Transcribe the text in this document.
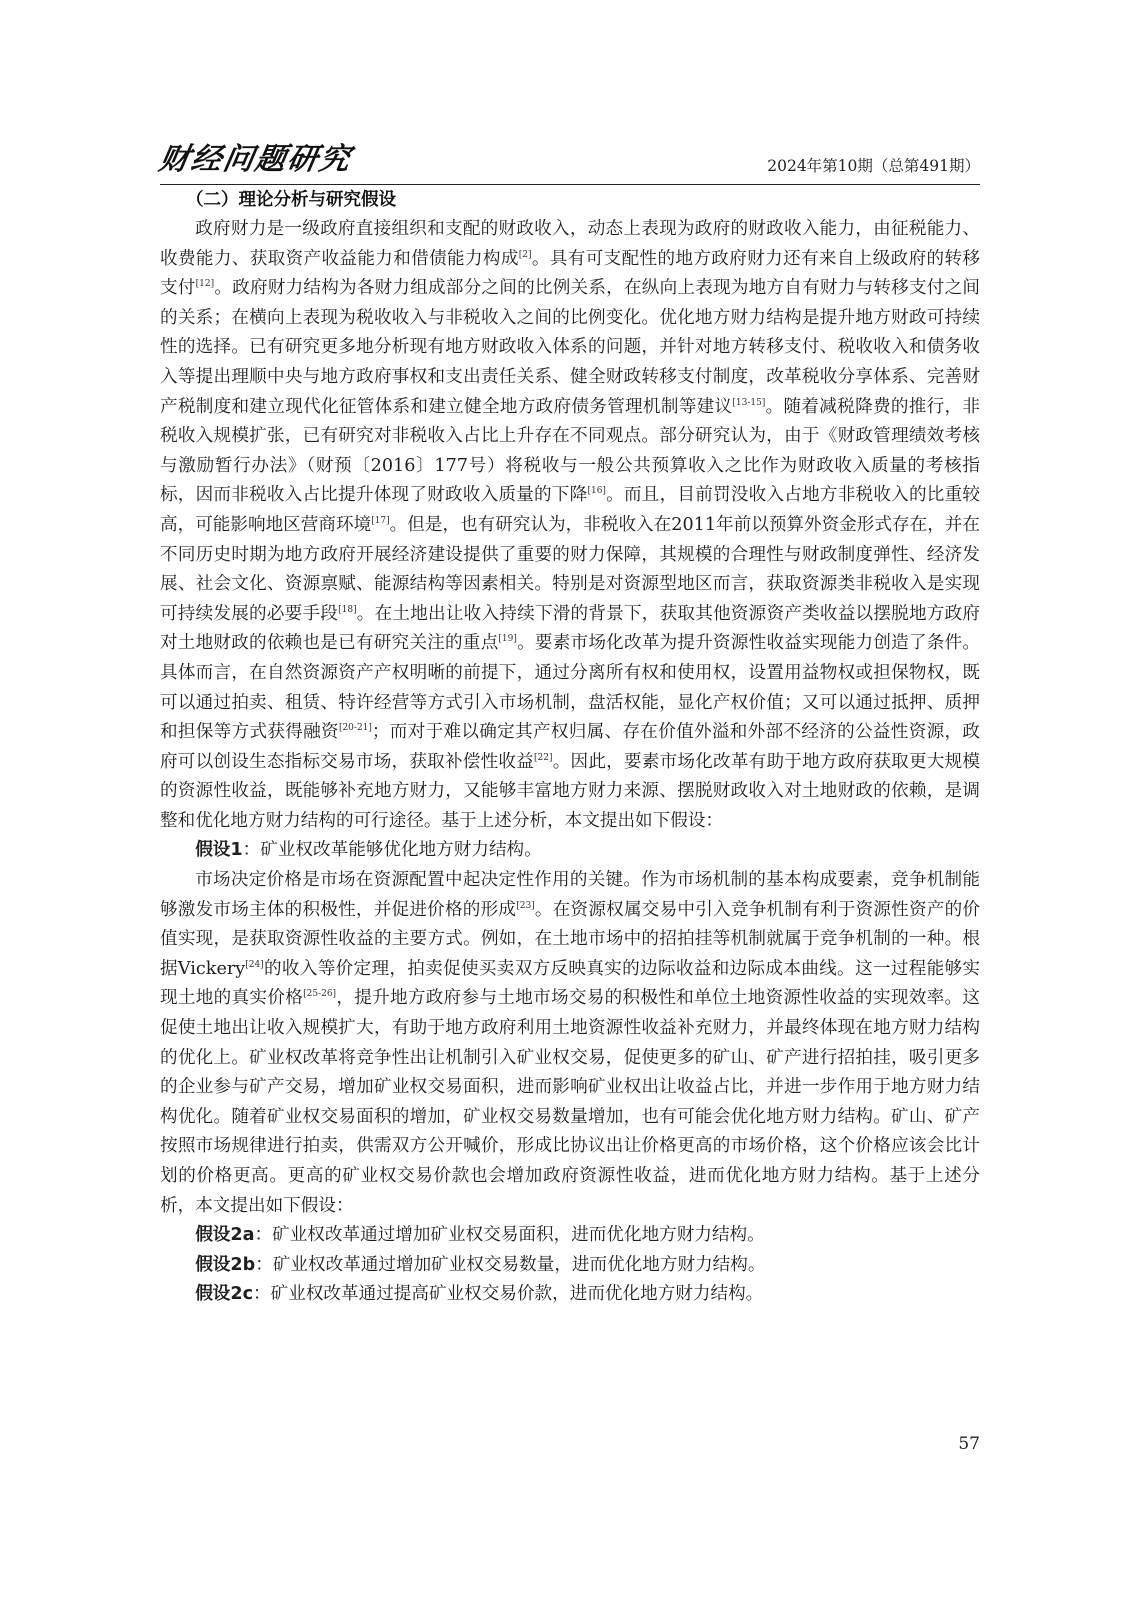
财经问题研究	2024年第10期（总第491期）
（二）理论分析与研究假设

政府财力是一级政府直接组织和支配的财政收入，动态上表现为政府的财政收入能力，由征税能力、收费能力、获取资产收益能力和借债能力构成[2]。具有可支配性的地方政府财力还有来自上级政府的转移支付[12]。政府财力结构为各财力组成部分之间的比例关系，在纵向上表现为地方自有财力与转移支付之间的关系；在横向上表现为税收收入与非税收入之间的比例变化。优化地方财力结构是提升地方财政可持续性的选择。已有研究更多地分析现有地方财政收入体系的问题，并针对地方转移支付、税收收入和债务收入等提出理顺中央与地方政府事权和支出责任关系、健全财政转移支付制度，改革税收分享体系、完善财产税制度和建立现代化征管体系和建立健全地方政府债务管理机制等建议[13-15]。随着减税降费的推行，非税收入规模扩张，已有研究对非税收入占比上升存在不同观点。部分研究认为，由于《财政管理绩效考核与激励暂行办法》（财预〔2016〕177号）将税收与一般公共预算收入之比作为财政收入质量的考核指标，因而非税收入占比提升体现了财政收入质量的下降[16]。而且，目前罚没收入占地方非税收入的比重较高，可能影响地区营商环境[17]。但是，也有研究认为，非税收入在2011年前以预算外资金形式存在，并在不同历史时期为地方政府开展经济建设提供了重要的财力保障，其规模的合理性与财政制度弹性、经济发展、社会文化、资源禀赋、能源结构等因素相关。特别是对资源型地区而言，获取资源类非税收入是实现可持续发展的必要手段[18]。在土地出让收入持续下滑的背景下，获取其他资源资产类收益以摆脱地方政府对土地财政的依赖也是已有研究关注的重点[19]。要素市场化改革为提升资源性收益实现能力创造了条件。具体而言，在自然资源资产产权明晰的前提下，通过分离所有权和使用权，设置用益物权或担保物权，既可以通过拍卖、租赁、特许经营等方式引入市场机制，盘活权能，显化产权价值；又可以通过抵押、质押和担保等方式获得融资[20-21]；而对于难以确定其产权归属、存在价值外溢和外部不经济的公益性资源，政府可以创设生态指标交易市场，获取补偿性收益[22]。因此，要素市场化改革有助于地方政府获取更大规模的资源性收益，既能够补充地方财力，又能够丰富地方财力来源、摆脱财政收入对土地财政的依赖，是调整和优化地方财力结构的可行途径。基于上述分析，本文提出如下假设：

假设1：矿业权改革能够优化地方财力结构。

市场决定价格是市场在资源配置中起决定性作用的关键。作为市场机制的基本构成要素，竞争机制能够激发市场主体的积极性，并促进价格的形成[23]。在资源权属交易中引入竞争机制有利于资源性资产的价值实现，是获取资源性收益的主要方式。例如，在土地市场中的招拍挂等机制就属于竞争机制的一种。根据Vickery[24]的收入等价定理，拍卖促使买卖双方反映真实的边际收益和边际成本曲线。这一过程能够实现土地的真实价格[25-26]，提升地方政府参与土地市场交易的积极性和单位土地资源性收益的实现效率。这促使土地出让收入规模扩大，有助于地方政府利用土地资源性收益补充财力，并最终体现在地方财力结构的优化上。矿业权改革将竞争性出让机制引入矿业权交易，促使更多的矿山、矿产进行招拍挂，吸引更多的企业参与矿产交易，增加矿业权交易面积，进而影响矿业权出让收益占比，并进一步作用于地方财力结构优化。随着矿业权交易面积的增加，矿业权交易数量增加，也有可能会优化地方财力结构。矿山、矿产按照市场规律进行拍卖，供需双方公开喊价，形成比协议出让价格更高的市场价格，这个价格应该会比计划的价格更高。更高的矿业权交易价款也会增加政府资源性收益，进而优化地方财力结构。基于上述分析，本文提出如下假设：

假设2a：矿业权改革通过增加矿业权交易面积，进而优化地方财力结构。

假设2b：矿业权改革通过增加矿业权交易数量，进而优化地方财力结构。

假设2c：矿业权改革通过提高矿业权交易价款，进而优化地方财力结构。

57
